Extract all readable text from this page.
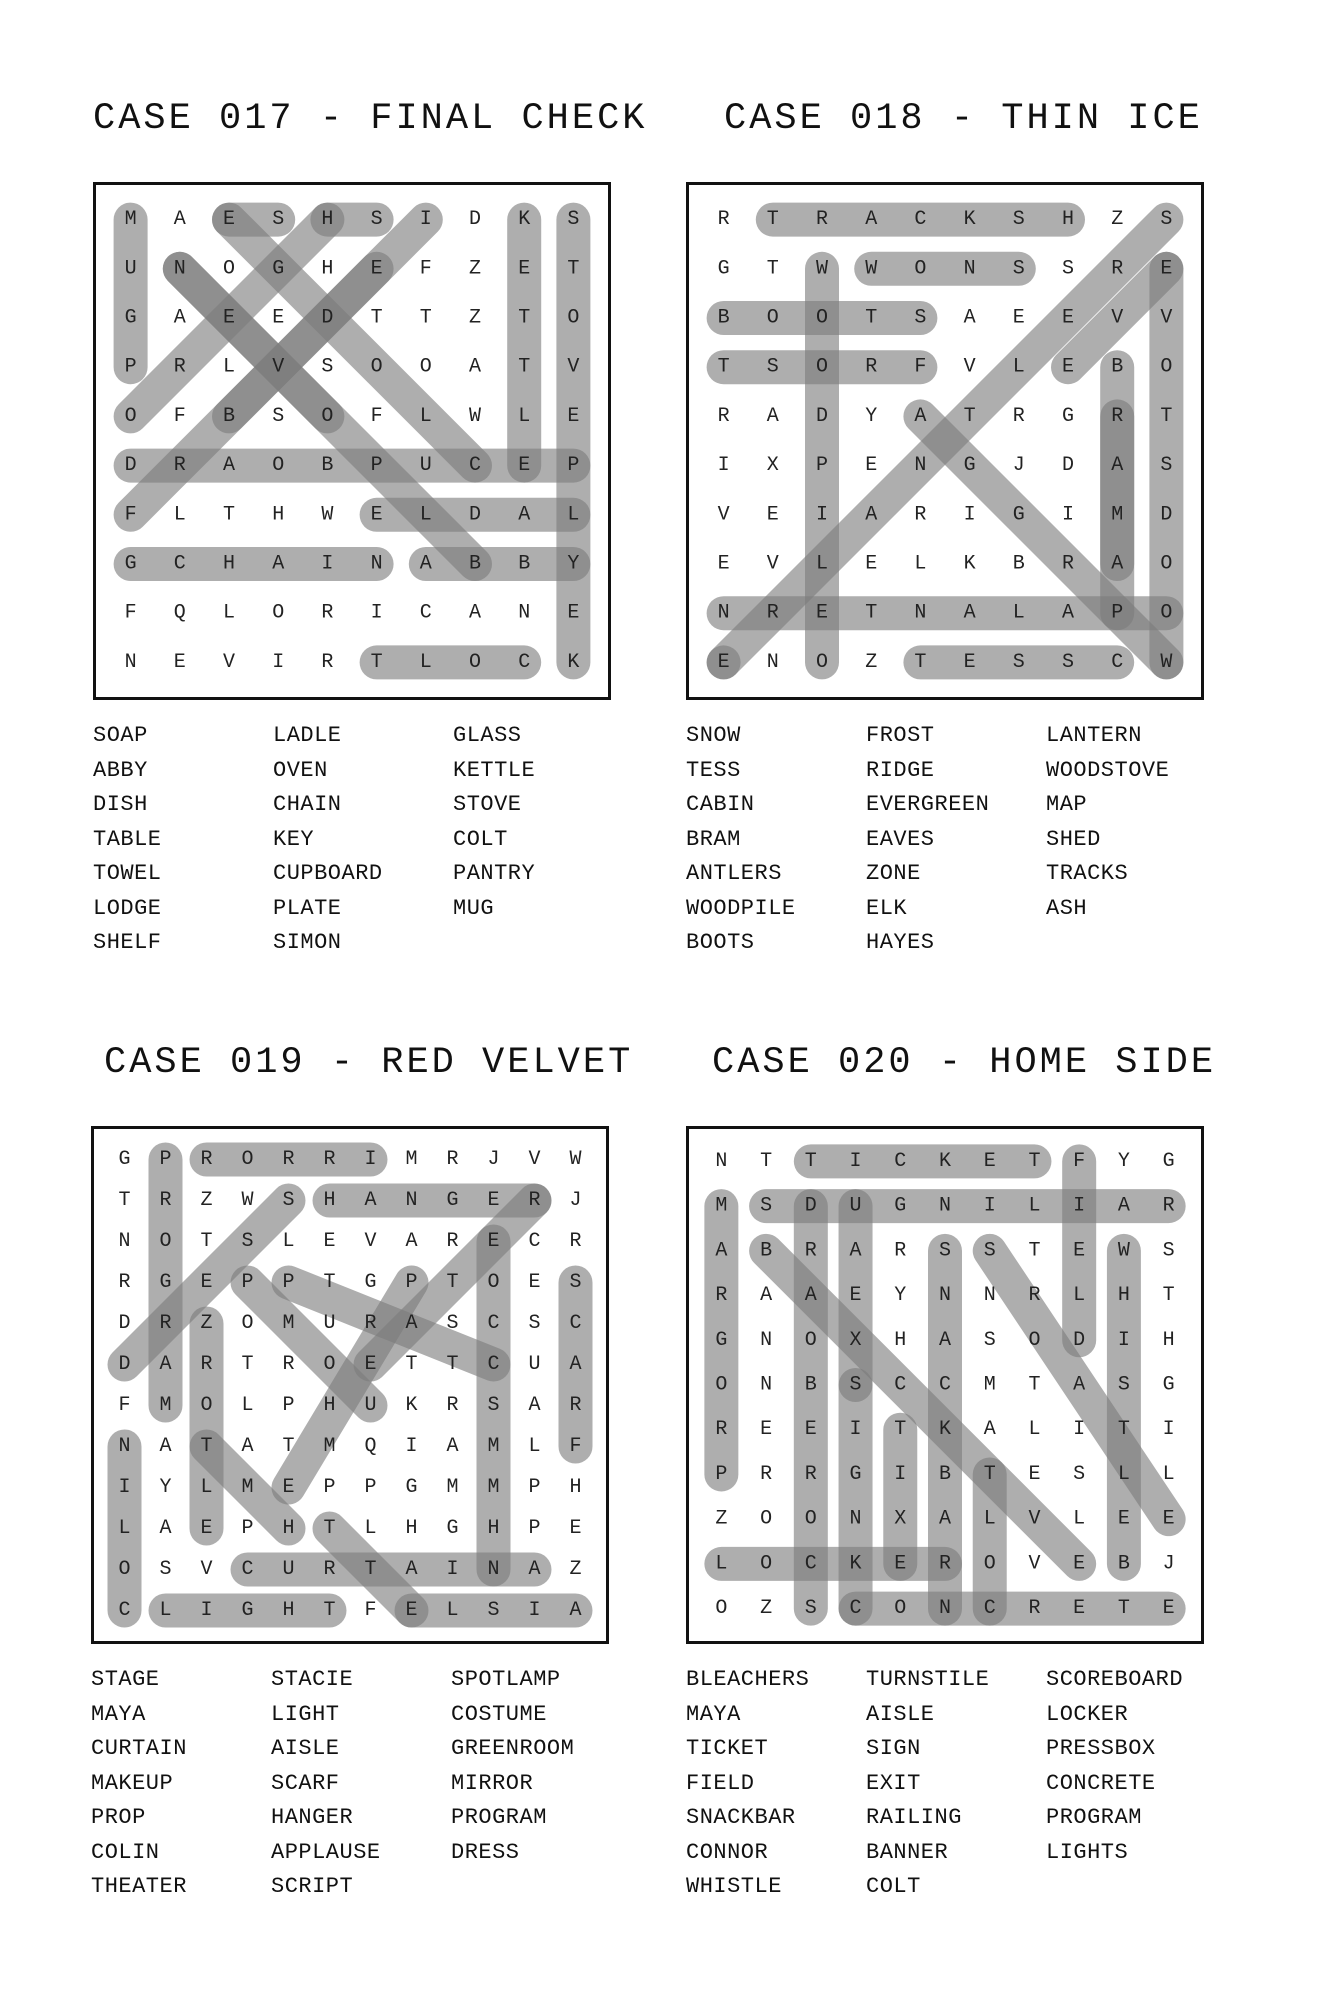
CASE 017 - FINAL CHECK
M A E S H S I D K S
U N O G H E F Z E T
G A E E D T T Z T O
P R L V S O O A T V
O F B S O F L W L E
D R A O B P U C E P
F L T H W E L D A L
G C H A I N A B B Y
F Q L O R I C A N E
N E V I R T L O C K
SOAP
ABBY
DISH
TABLE
TOWEL
LODGE
SHELF
LADLE
OVEN
CHAIN
KEY
CUPBOARD
PLATE
SIMON
GLASS
KETTLE
STOVE
COLT
PANTRY
MUG
CASE 018 - THIN ICE
R T R A C K S H Z S
G T W W O N S S R E
B O O T S A E E V V
T S O R F V L E B O
R A D Y A T R G R T
I X P E N G J D A S
V E I A R I G I M D
E V L E L K B R A O
N R E T N A L A P O
E N O Z T E S S C W
SNOW
TESS
CABIN
BRAM
ANTLERS
WOODPILE
BOOTS
FROST
RIDGE
EVERGREEN
EAVES
ZONE
ELK
HAYES
LANTERN
WOODSTOVE
MAP
SHED
TRACKS
ASH
CASE 019 - RED VELVET
G P R O R R I M R J V W
T R Z W S H A N G E R J
N O T S L E V A R E C R
R G E P P T G P T O E S
D R Z O M U R A S C S C
D A R T R O E T T C U A
F M O L P H U K R S A R
N A T A T M Q I A M L F
I Y L M E P P G M M P H
L A E P H T L H G H P E
O S V C U R T A I N A Z
C L I G H T F E L S I A
STAGE
MAYA
CURTAIN
MAKEUP
PROP
COLIN
THEATER
STACIE
LIGHT
AISLE
SCARF
HANGER
APPLAUSE
SCRIPT
SPOTLAMP
COSTUME
GREENROOM
MIRROR
PROGRAM
DRESS
CASE 020 - HOME SIDE
N T T I C K E T F Y G
M S D U G N I L I A R
A B R A R S S T E W S
R A A E Y N N R L H T
G N O X H A S O D I H
O N B S C C M T A S G
R E E I T K A L I T I
P R R G I B T E S L L
Z O O N X A L V L E E
L O C K E R O V E B J
O Z S C O N C R E T E
BLEACHERS
MAYA
TICKET
FIELD
SNACKBAR
CONNOR
WHISTLE
TURNSTILE
AISLE
SIGN
EXIT
RAILING
BANNER
COLT
SCOREBOARD
LOCKER
PRESSBOX
CONCRETE
PROGRAM
LIGHTS
